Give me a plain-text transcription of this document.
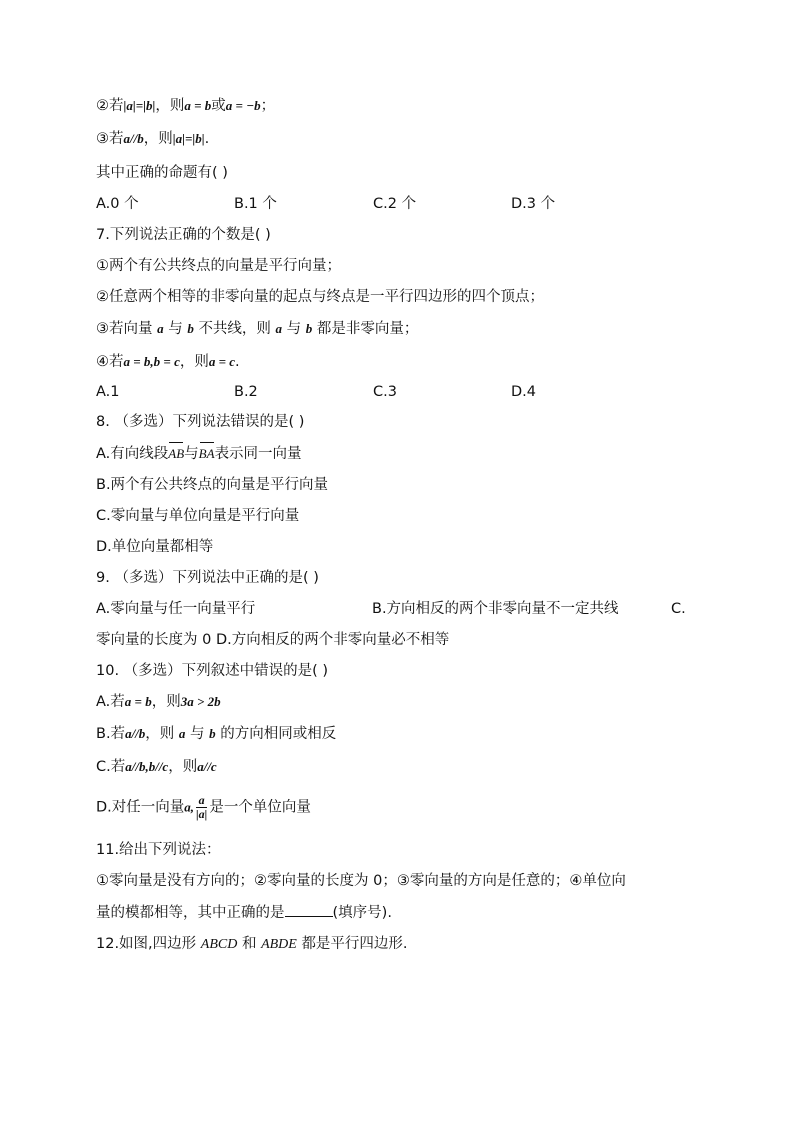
②若|a|=|b|，则a = b或a = −b；
③若a//b，则|a|=|b|.
其中正确的命题有( )
A.0 个	B.1 个	C.2 个	D.3 个
7.下列说法正确的个数是( )
①两个有公共终点的向量是平行向量；
②任意两个相等的非零向量的起点与终点是一平行四边形的四个顶点；
③若向量 a 与 b 不共线，则 a 与 b 都是非零向量；
④若a = b,b = c，则a = c.
A.1	B.2	C.3	D.4
8. （多选）下列说法错误的是( )
A.有向线段AB与BA表示同一向量
B.两个有公共终点的向量是平行向量
C.零向量与单位向量是平行向量
D.单位向量都相等
9. （多选）下列说法中正确的是( )
A.零向量与任一向量平行	B.方向相反的两个非零向量不一定共线	C.
零向量的长度为 0 D.方向相反的两个非零向量必不相等
10. （多选）下列叙述中错误的是( )
A.若a = b，则3a > 2b
B.若a//b，则 a 与 b 的方向相同或相反
C.若a//b,b//c，则a//c
D.对任一向量a, $\frac{a}{|a|}$ 是一个单位向量
11.给出下列说法：
①零向量是没有方向的；②零向量的长度为 0；③零向量的方向是任意的；④单位向
量的模都相等，其中正确的是	(填序号).
12.如图,四边形 ABCD 和 ABDE 都是平行四边形.
